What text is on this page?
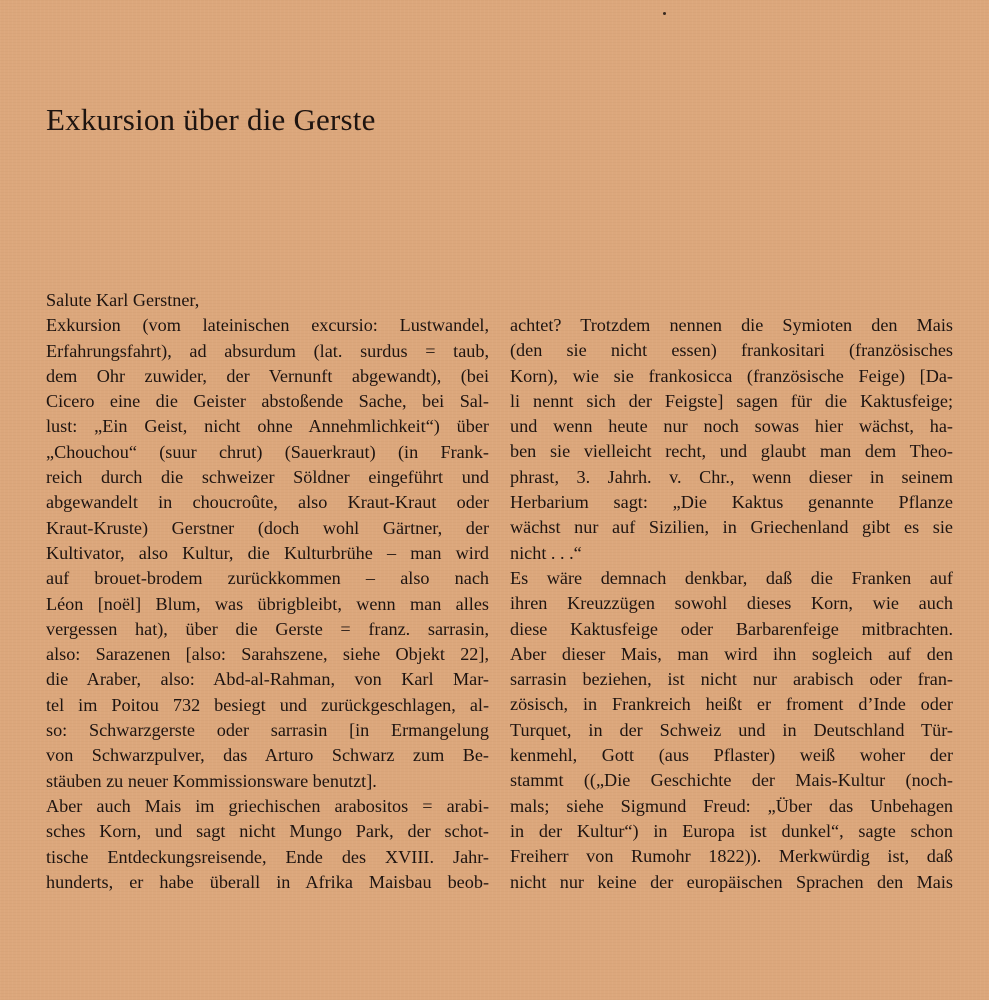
Exkursion über die Gerste

Salute Karl Gerstner,

Exkursion (vom lateinischen excursio: Lustwandel,

Erfahrungsfahrt), ad absurdum (lat. surdus = taub,

dem Ohr zuwider, der Vernunft abgewandt), (bei

Cicero eine die Geister abstoßende Sache, bei Sal-

lust: „Ein Geist, nicht ohne Annehmlichkeit“) über

„Chouchou“ (suur chrut) (Sauerkraut) (in Frank-

reich durch die schweizer Söldner eingeführt und

abgewandelt in choucroûte, also Kraut-Kraut oder

Kraut-Kruste) Gerstner (doch wohl Gärtner, der

Kultivator, also Kultur, die Kulturbrühe – man wird

auf brouet-brodem zurückkommen – also nach

Léon [noël] Blum, was übrigbleibt, wenn man alles

vergessen hat), über die Gerste = franz. sarrasin,

also: Sarazenen [also: Sarahszene, siehe Objekt 22],

die Araber, also: Abd-al-Rahman, von Karl Mar-

tel im Poitou 732 besiegt und zurückgeschlagen, al-

so: Schwarzgerste oder sarrasin [in Ermangelung

von Schwarzpulver, das Arturo Schwarz zum Be-

stäuben zu neuer Kommissionsware benutzt].

Aber auch Mais im griechischen arabositos = arabi-

sches Korn, und sagt nicht Mungo Park, der schot-

tische Entdeckungsreisende, Ende des XVIII. Jahr-

hunderts, er habe überall in Afrika Maisbau beob-

achtet? Trotzdem nennen die Symioten den Mais

(den sie nicht essen) frankositari (französisches

Korn), wie sie frankosicca (französische Feige) [Da-

li nennt sich der Feigste] sagen für die Kaktusfeige;

und wenn heute nur noch sowas hier wächst, ha-

ben sie vielleicht recht, und glaubt man dem Theo-

phrast, 3. Jahrh. v. Chr., wenn dieser in seinem

Herbarium sagt: „Die Kaktus genannte Pflanze

wächst nur auf Sizilien, in Griechenland gibt es sie

nicht . . .“

Es wäre demnach denkbar, daß die Franken auf

ihren Kreuzzügen sowohl dieses Korn, wie auch

diese Kaktusfeige oder Barbarenfeige mitbrachten.

Aber dieser Mais, man wird ihn sogleich auf den

sarrasin beziehen, ist nicht nur arabisch oder fran-

zösisch, in Frankreich heißt er froment d’Inde oder

Turquet, in der Schweiz und in Deutschland Tür-

kenmehl, Gott (aus Pflaster) weiß woher der

stammt ((„Die Geschichte der Mais-Kultur (noch-

mals; siehe Sigmund Freud: „Über das Unbehagen

in der Kultur“) in Europa ist dunkel“, sagte schon

Freiherr von Rumohr 1822)). Merkwürdig ist, daß

nicht nur keine der europäischen Sprachen den Mais
